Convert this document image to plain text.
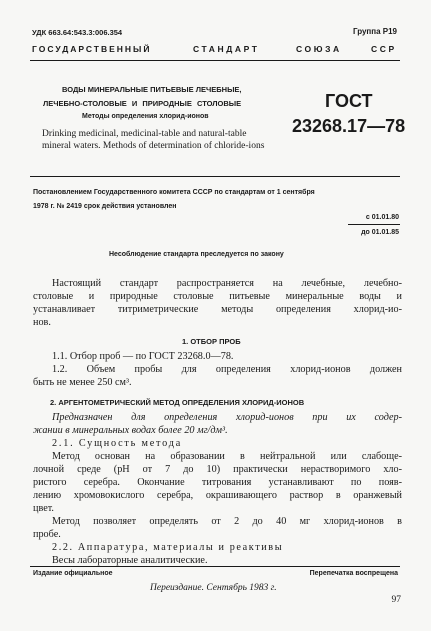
УДК 663.64:543.3:006.354	Группа Р19
ГОСУДАРСТВЕННЫЙ	СТАНДАРТ	СОЮЗА	ССР
ВОДЫ МИНЕРАЛЬНЫЕ ПИТЬЕВЫЕ ЛЕЧЕБНЫЕ,
ЛЕЧЕБНО-СТОЛОВЫЕ И ПРИРОДНЫЕ СТОЛОВЫЕ
Методы определения хлорид-ионов
Drinking medicinal, medicinal-table and natural-table
mineral waters. Methods of determination of chloride-ions
ГОСТ
23268.17—78
Постановлением Государственного комитета СССР по стандартам от 1 сентября
1978 г. № 2419 срок действия установлен
с 01.01.80
до 01.01.85
Несоблюдение стандарта преследуется по закону
Настоящий стандарт распространяется на лечебные, лечебно-
столовые и природные столовые питьевые минеральные воды и
устанавливает титриметрические методы определения хлорид-ио-
нов.
1. ОТБОР ПРОБ
1.1. Отбор проб — по ГОСТ 23268.0—78.
1.2. Объем пробы для определения хлорид-ионов должен
быть не менее 250 см³.
2. АРГЕНТОМЕТРИЧЕСКИЙ МЕТОД ОПРЕДЕЛЕНИЯ ХЛОРИД-ИОНОВ
Предназначен для определения хлорид-ионов при их содер-
жании в минеральных водах более 20 мг/дм³.
2.1. Сущность метода
Метод основан на образовании в нейтральной или слабоще-
лочной среде (рН от 7 до 10) практически нерастворимого хло-
ристого серебра. Окончание титрования устанавливают по появ-
лению хромовокислого серебра, окрашивающего раствор в оранжевый
цвет.
Метод позволяет определять от 2 до 40 мг хлорид-ионов в
пробе.
2.2. Аппаратура, материалы и реактивы
Весы лабораторные аналитические.
Издание официальное	Перепечатка воспрещена
Переиздание. Сентябрь 1983 г.
97
